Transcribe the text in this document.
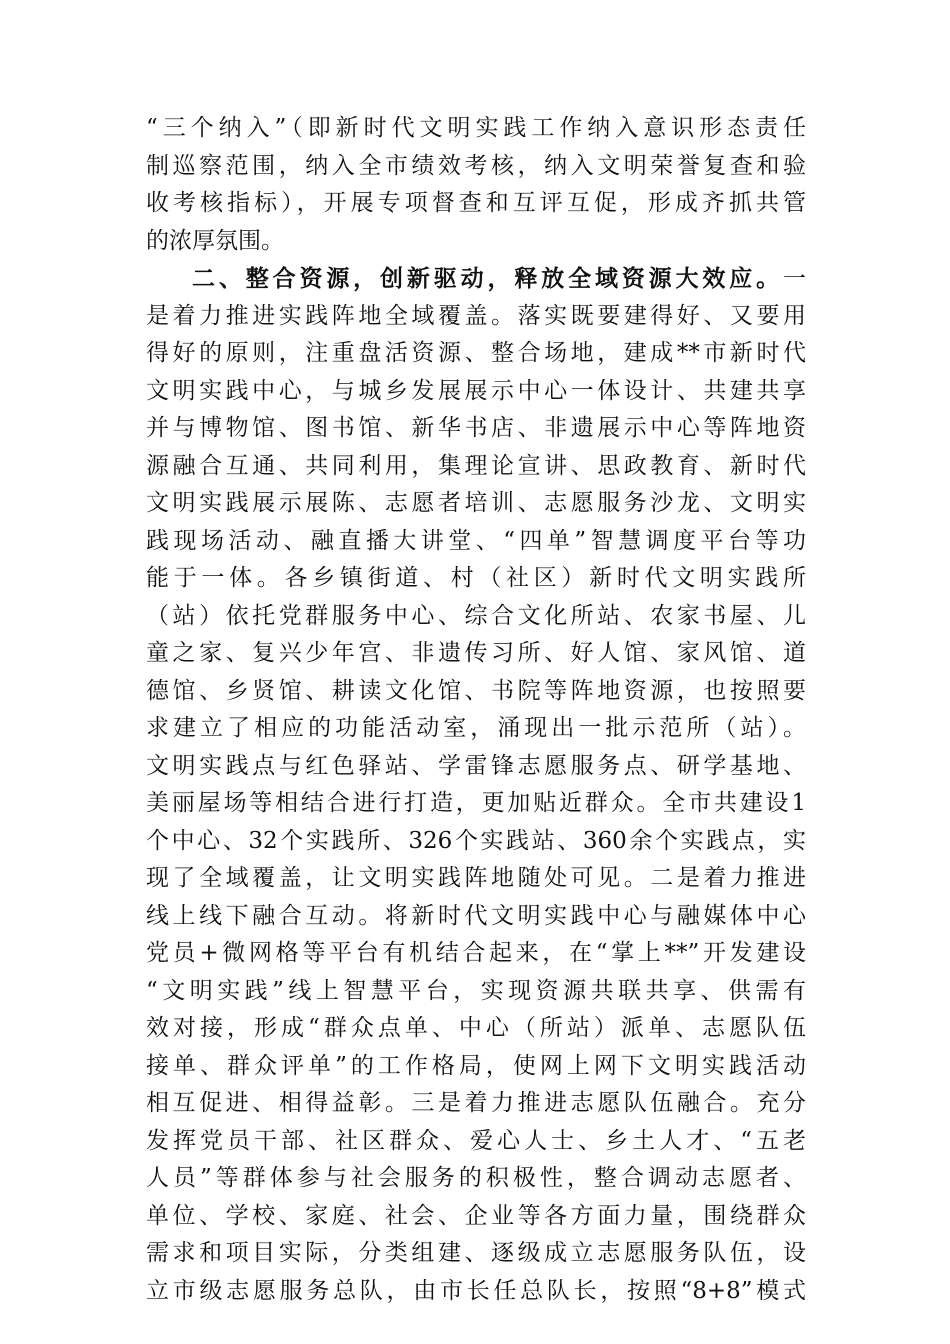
“三个纳入”（即新时代文明实践工作纳入意识形态责任
制巡察范围，纳入全市绩效考核，纳入文明荣誉复查和验
收考核指标），开展专项督查和互评互促，形成齐抓共管
的浓厚氛围。
二、整合资源，创新驱动，释放全域资源大效应。一
是着力推进实践阵地全域覆盖。落实既要建得好、又要用
得好的原则，注重盘活资源、整合场地，建成**市新时代
文明实践中心，与城乡发展展示中心一体设计、共建共享
并与博物馆、图书馆、新华书店、非遗展示中心等阵地资
源融合互通、共同利用，集理论宣讲、思政教育、新时代
文明实践展示展陈、志愿者培训、志愿服务沙龙、文明实
践现场活动、融直播大讲堂、“四单”智慧调度平台等功
能于一体。各乡镇街道、村（社区）新时代文明实践所
（站）依托党群服务中心、综合文化所站、农家书屋、儿
童之家、复兴少年宫、非遗传习所、好人馆、家风馆、道
德馆、乡贤馆、耕读文化馆、书院等阵地资源，也按照要
求建立了相应的功能活动室，涌现出一批示范所（站）。
文明实践点与红色驿站、学雷锋志愿服务点、研学基地、
美丽屋场等相结合进行打造，更加贴近群众。全市共建设1
个中心、32个实践所、326个实践站、360余个实践点，实
现了全域覆盖，让文明实践阵地随处可见。二是着力推进
线上线下融合互动。将新时代文明实践中心与融媒体中心
党员+微网格等平台有机结合起来，在“掌上**”开发建设
“文明实践”线上智慧平台，实现资源共联共享、供需有
效对接，形成“群众点单、中心（所站）派单、志愿队伍
接单、群众评单”的工作格局，使网上网下文明实践活动
相互促进、相得益彰。三是着力推进志愿队伍融合。充分
发挥党员干部、社区群众、爱心人士、乡土人才、“五老
人员”等群体参与社会服务的积极性，整合调动志愿者、
单位、学校、家庭、社会、企业等各方面力量，围绕群众
需求和项目实际，分类组建、逐级成立志愿服务队伍，设
立市级志愿服务总队，由市长任总队长，按照“8+8”模式
